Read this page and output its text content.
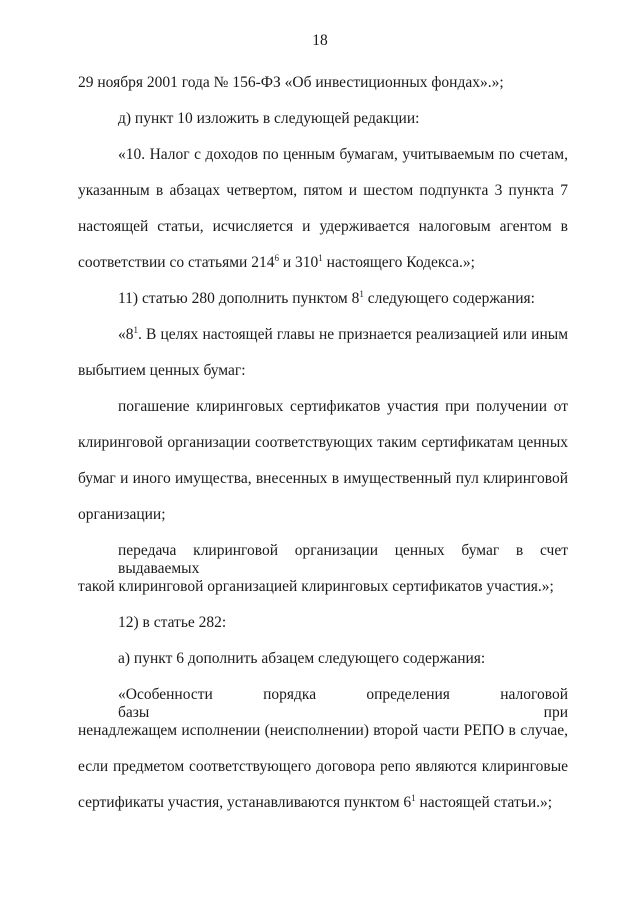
18
29 ноября 2001 года № 156-ФЗ «Об инвестиционных фондах».»;
д) пункт 10 изложить в следующей редакции:
«10. Налог с доходов по ценным бумагам, учитываемым по счетам,
указанным в абзацах четвертом, пятом и шестом подпункта 3 пункта 7
настоящей статьи, исчисляется и удерживается налоговым агентом в
соответствии со статьями $214^6$ и $310^1$ настоящего Кодекса.»;
11) статью 280 дополнить пунктом $8^1$ следующего содержания:
«$8^1$. В целях настоящей главы не признается реализацией или иным
выбытием ценных бумаг:
погашение клиринговых сертификатов участия при получении от
клиринговой организации соответствующих таким сертификатам ценных
бумаг и иного имущества, внесенных в имущественный пул клиринговой
организации;
передача клиринговой организации ценных бумаг в счет выдаваемых
такой клиринговой организацией клиринговых сертификатов участия.»;
12) в статье 282:
а) пункт 6 дополнить абзацем следующего содержания:
«Особенности порядка определения налоговой базы при
ненадлежащем исполнении (неисполнении) второй части РЕПО в случае,
если предметом соответствующего договора репо являются клиринговые
сертификаты участия, устанавливаются пунктом $6^1$ настоящей статьи.»;
